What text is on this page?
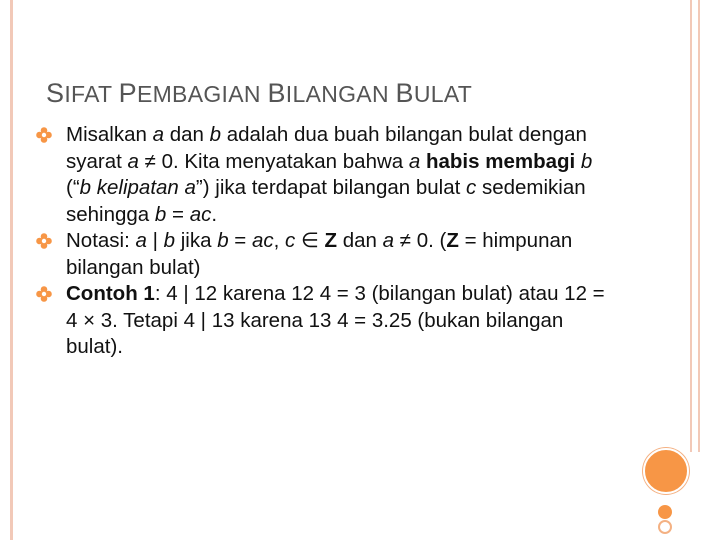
SIFAT PEMBAGIAN BILANGAN BULAT
Misalkan a dan b adalah dua buah bilangan bulat dengan syarat a ≠ 0. Kita menyatakan bahwa a habis membagi b (“b kelipatan a”) jika terdapat bilangan bulat c sedemikian sehingga b = ac.
Notasi: a | b jika b = ac, c ∈ Z dan a ≠ 0. (Z = himpunan bilangan bulat)
Contoh 1: 4 | 12 karena 12 4 = 3 (bilangan bulat) atau 12 = 4 × 3. Tetapi 4 | 13 karena 13 4 = 3.25 (bukan bilangan bulat).
